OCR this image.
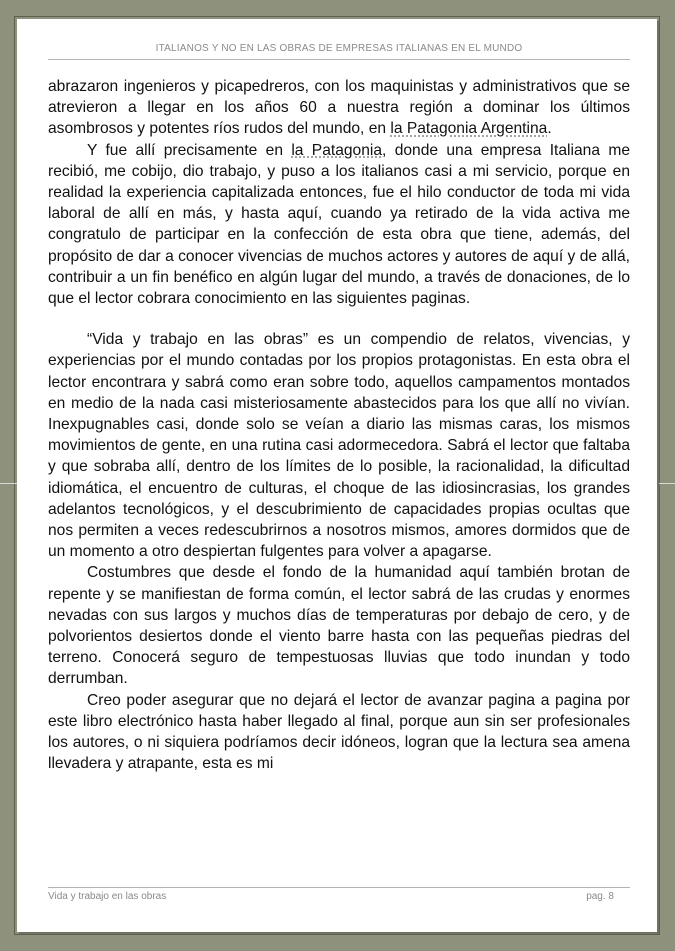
ITALIANOS Y NO EN LAS OBRAS DE EMPRESAS ITALIANAS EN EL MUNDO

abrazaron ingenieros y picapedreros, con los maquinistas y administrativos que se atrevieron a llegar en los años 60 a nuestra región a dominar los últimos asombrosos y potentes ríos rudos del mundo, en la Patagonia Argentina.

Y fue allí precisamente en la Patagonia, donde una empresa Italiana me recibió, me cobijo, dio trabajo, y puso a los italianos casi a mi servicio, porque en realidad la experiencia capitalizada entonces, fue el hilo conductor de toda mi vida laboral de allí en más, y hasta aquí, cuando ya retirado de la vida activa me congratulo de participar en la confección de esta obra que tiene, además, del propósito de dar a conocer vivencias de muchos actores y autores de aquí y de allá, contribuir a un fin benéfico en algún lugar del mundo, a través de donaciones, de lo que el lector cobrara conocimiento en las siguientes paginas.

“Vida y trabajo en las obras” es un compendio de relatos, vivencias, y experiencias por el mundo contadas por los propios protagonistas. En esta obra el lector encontrara y sabrá como eran sobre todo, aquellos campamentos montados en medio de la nada casi misteriosamente abastecidos para los que allí no vivían. Inexpugnables casi, donde solo se veían a diario las mismas caras, los mismos movimientos de gente, en una rutina casi adormecedora. Sabrá el lector que faltaba y que sobraba allí, dentro de los límites de lo posible, la racionalidad, la dificultad idiomática, el encuentro de culturas, el choque de las idiosincrasias, los grandes adelantos tecnológicos, y el descubrimiento de capacidades propias ocultas que nos permiten a veces redescubrirnos a nosotros mismos, amores dormidos que de un momento a otro despiertan fulgentes para volver a apagarse.

Costumbres que desde el fondo de la humanidad aquí también brotan de repente y se manifiestan de forma común, el lector sabrá de las crudas y enormes nevadas con sus largos y muchos días de temperaturas por debajo de cero, y de polvorientos desiertos donde el viento barre hasta con las pequeñas piedras del terreno. Conocerá seguro de tempestuosas lluvias que todo inundan y todo derrumban.

Creo poder asegurar que no dejará el lector de avanzar pagina a pagina por este libro electrónico hasta haber llegado al final, porque aun sin ser profesionales los autores, o ni siquiera podríamos decir idóneos, logran que la lectura sea amena llevadera y atrapante, esta es mi

Vida y trabajo en las obras	pag. 8
